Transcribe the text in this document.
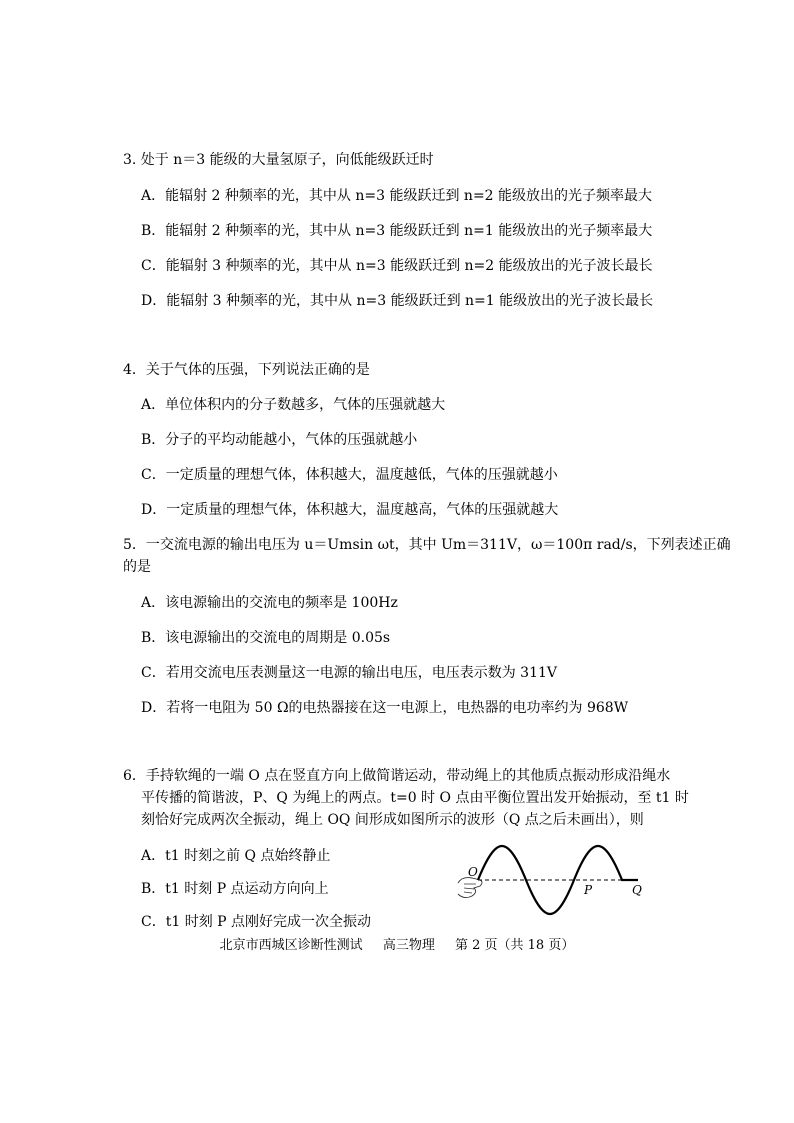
3. 处于 n＝3 能级的大量氢原子，向低能级跃迁时
A．能辐射 2 种频率的光，其中从 n=3 能级跃迁到 n=2 能级放出的光子频率最大
B．能辐射 2 种频率的光，其中从 n=3 能级跃迁到 n=1 能级放出的光子频率最大
C．能辐射 3 种频率的光，其中从 n=3 能级跃迁到 n=2 能级放出的光子波长最长
D．能辐射 3 种频率的光，其中从 n=3 能级跃迁到 n=1 能级放出的光子波长最长
4．关于气体的压强，下列说法正确的是
A．单位体积内的分子数越多，气体的压强就越大
B．分子的平均动能越小，气体的压强就越小
C．一定质量的理想气体，体积越大，温度越低，气体的压强就越小
D．一定质量的理想气体，体积越大，温度越高，气体的压强就越大
5．一交流电源的输出电压为 u＝Umsin ωt，其中 Um＝311V，ω＝100π rad/s，下列表述正确
的是
A．该电源输出的交流电的频率是 100Hz
B．该电源输出的交流电的周期是 0.05s
C．若用交流电压表测量这一电源的输出电压，电压表示数为 311V
D．若将一电阻为 50 Ω的电热器接在这一电源上，电热器的电功率约为 968W
6．手持软绳的一端 O 点在竖直方向上做简谐运动，带动绳上的其他质点振动形成沿绳水
平传播的简谐波，P、Q 为绳上的两点。t=0 时 O 点由平衡位置出发开始振动，至 t1 时
刻恰好完成两次全振动，绳上 OQ 间形成如图所示的波形（Q 点之后未画出），则
A．t1 时刻之前 Q 点始终静止
B．t1 时刻 P 点运动方向向上
C．t1 时刻 P 点刚好完成一次全振动
O
P	Q
北京市西城区诊断性测试 高三物理 第 2 页（共 18 页）
